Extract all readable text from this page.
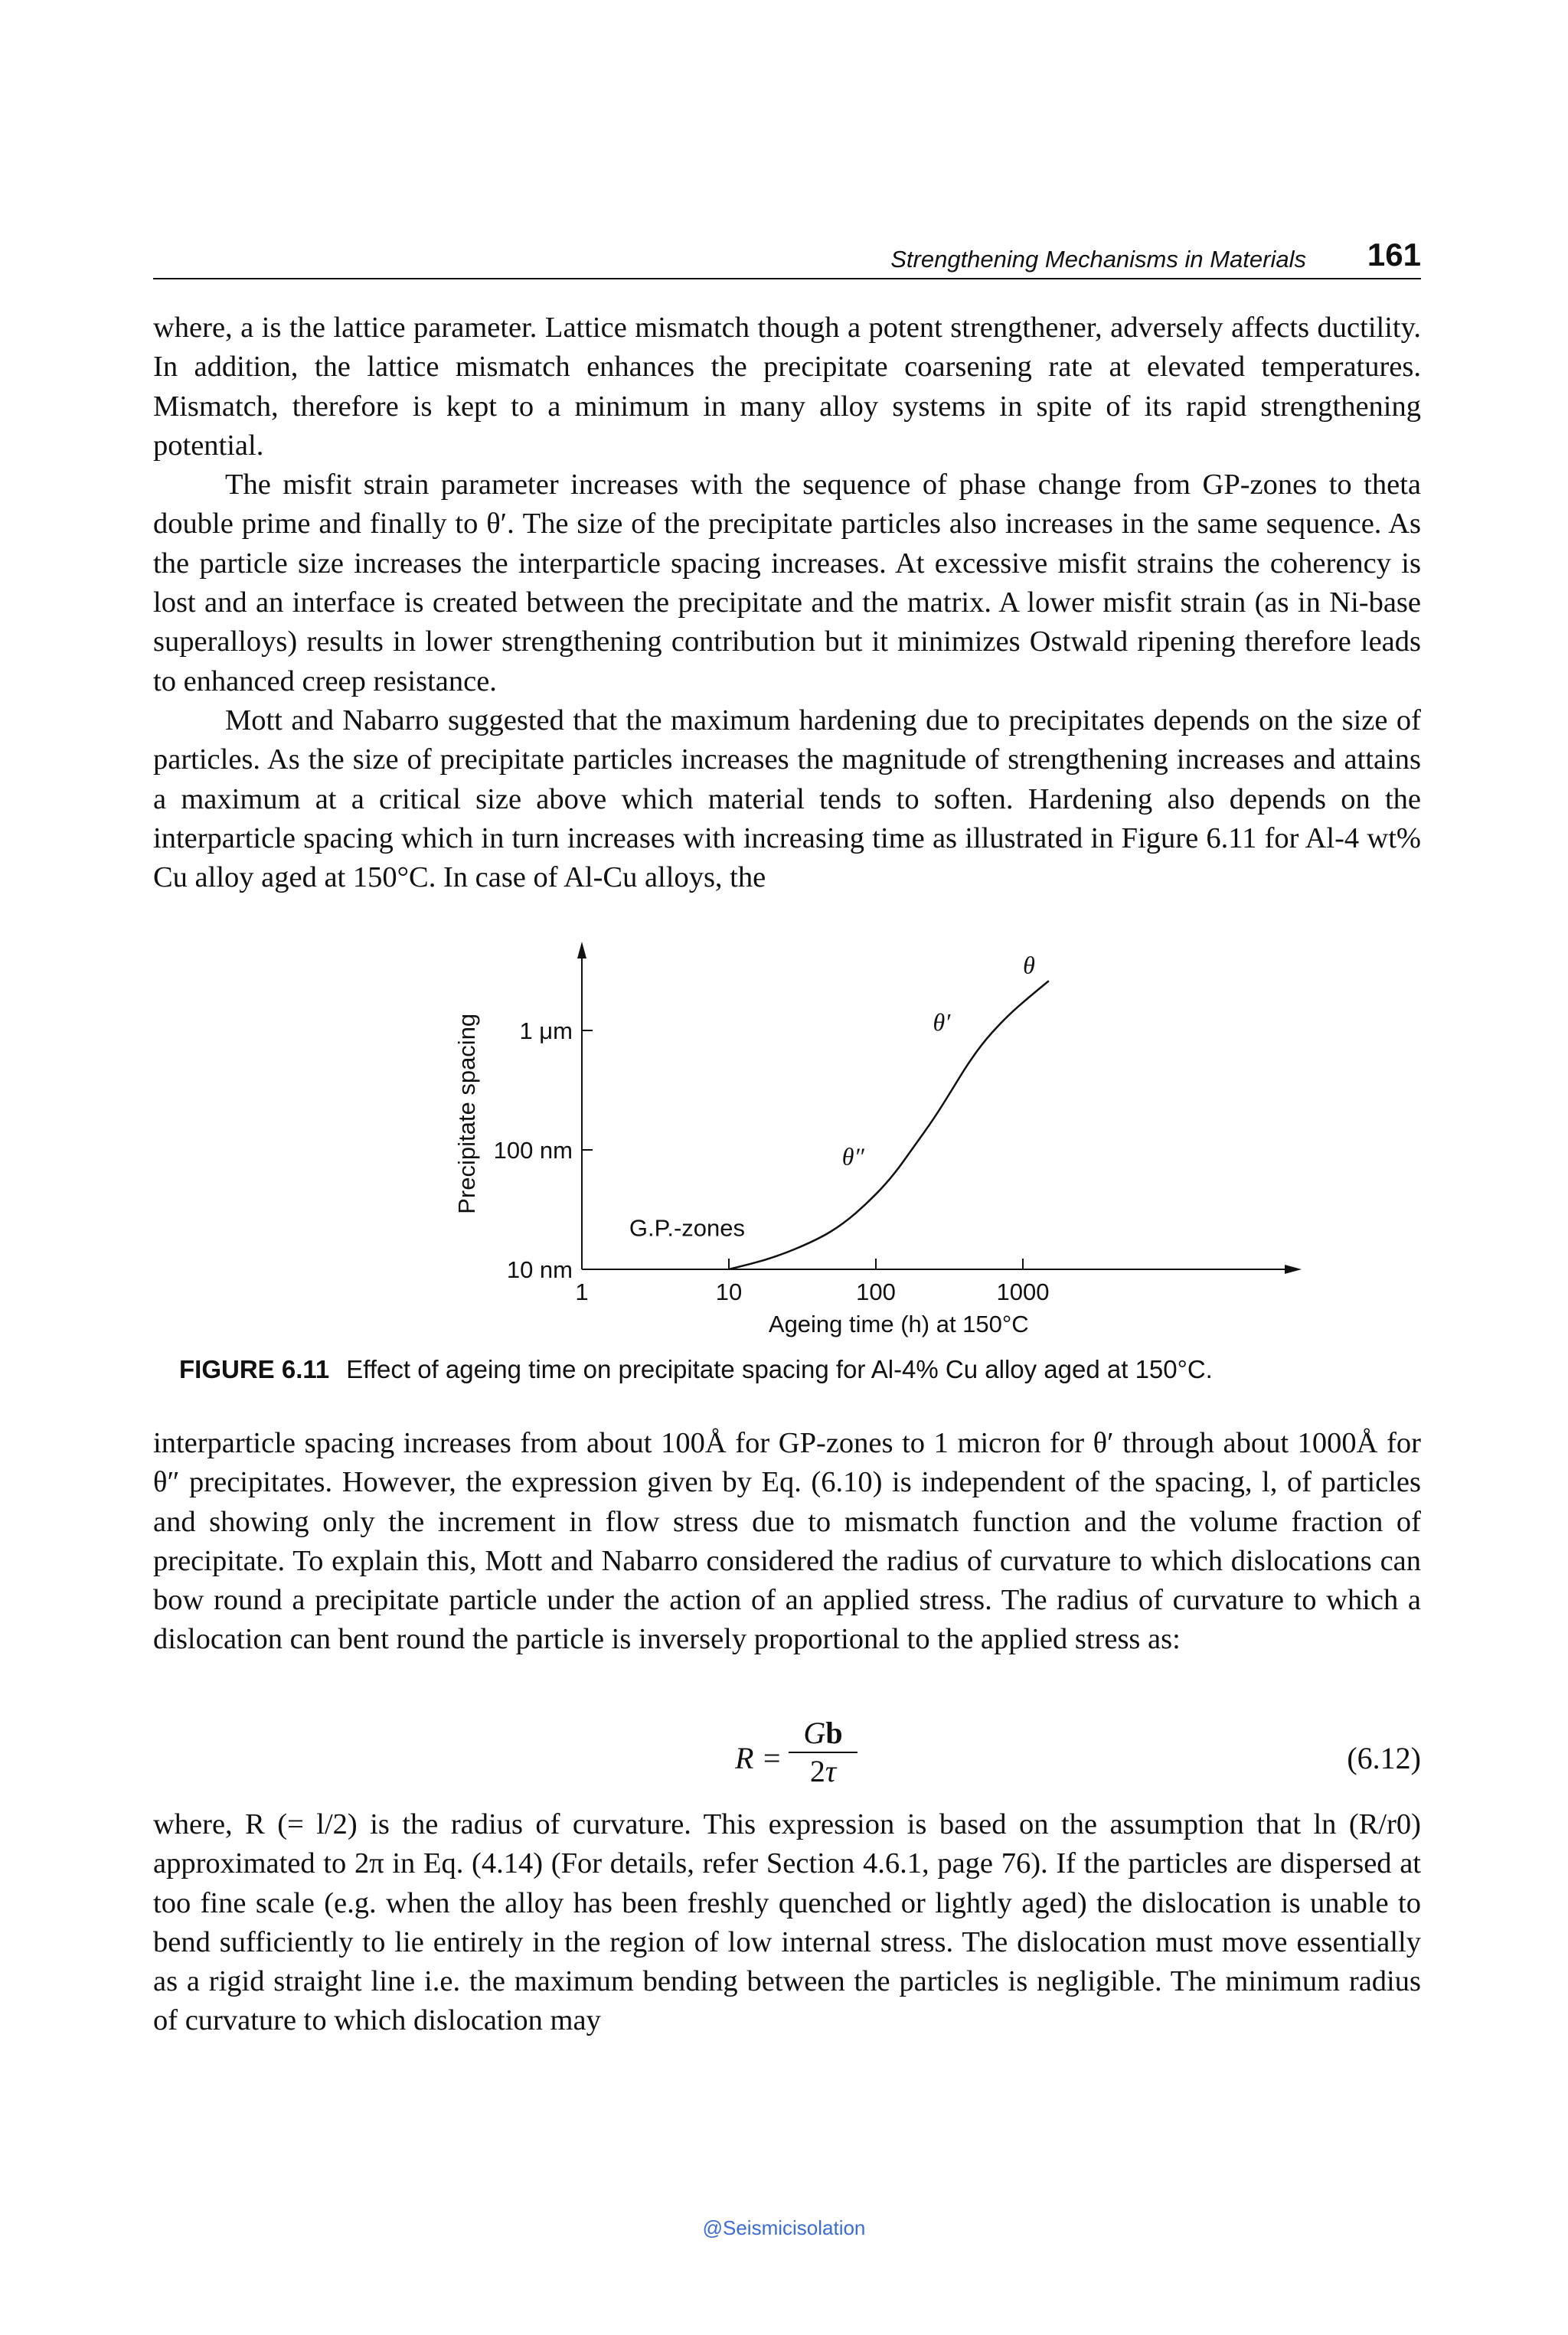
Strengthening Mechanisms in Materials 161

where, a is the lattice parameter. Lattice mismatch though a potent strengthener, adversely affects ductility. In addition, the lattice mismatch enhances the precipitate coarsening rate at elevated temperatures. Mismatch, therefore is kept to a minimum in many alloy systems in spite of its rapid strengthening potential.

The misfit strain parameter increases with the sequence of phase change from GP-zones to theta double prime and finally to θ′. The size of the precipitate particles also increases in the same sequence. As the particle size increases the interparticle spacing increases. At excessive misfit strains the coherency is lost and an interface is created between the precipitate and the matrix. A lower misfit strain (as in Ni-base superalloys) results in lower strengthening contribution but it minimizes Ostwald ripening therefore leads to enhanced creep resistance.

Mott and Nabarro suggested that the maximum hardening due to precipitates depends on the size of particles. As the size of precipitate particles increases the magnitude of strengthening increases and attains a maximum at a critical size above which material tends to soften. Hardening also depends on the interparticle spacing which in turn increases with increasing time as illustrated in Figure 6.11 for Al-4 wt% Cu alloy aged at 150°C. In case of Al-Cu alloys, the

1	10	100	1000
10 nm
100 nm
1 μm
Ageing time (h) at 150°C
Precipitate spacing
G.P.-zones
θ″
θ′
θ
FIGURE 6.11 Effect of ageing time on precipitate spacing for Al-4% Cu alloy aged at 150°C.

interparticle spacing increases from about 100Å for GP-zones to 1 micron for θ′ through about 1000Å for θ″ precipitates. However, the expression given by Eq. (6.10) is independent of the spacing, l, of particles and showing only the increment in flow stress due to mismatch function and the volume fraction of precipitate. To explain this, Mott and Nabarro considered the radius of curvature to which dislocations can bow round a precipitate particle under the action of an applied stress. The radius of curvature to which a dislocation can bent round the particle is inversely proportional to the applied stress as:

R =
Gb
2τ	(6.12)

where, R (= l/2) is the radius of curvature. This expression is based on the assumption that ln (R/r0) approximated to 2π in Eq. (4.14) (For details, refer Section 4.6.1, page 76). If the particles are dispersed at too fine scale (e.g. when the alloy has been freshly quenched or lightly aged) the dislocation is unable to bend sufficiently to lie entirely in the region of low internal stress. The dislocation must move essentially as a rigid straight line i.e. the maximum bending between the particles is negligible. The minimum radius of curvature to which dislocation may

@Seismicisolation
